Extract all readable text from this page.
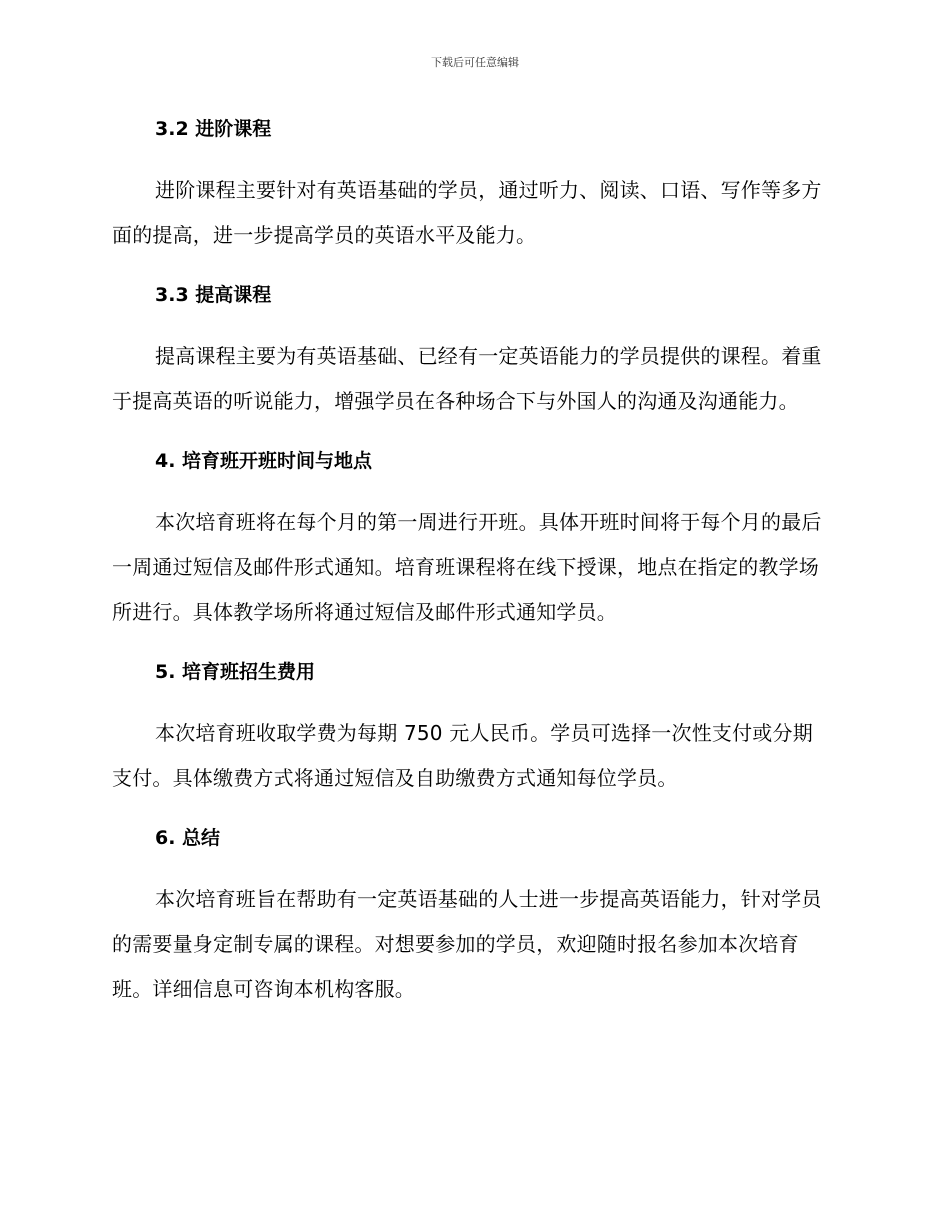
下载后可任意编辑
3.2 进阶课程

进阶课程主要针对有英语基础的学员，通过听力、阅读、口语、写作等多方面的提高，进一步提高学员的英语水平及能力。

3.3 提高课程

提高课程主要为有英语基础、已经有一定英语能力的学员提供的课程。着重于提高英语的听说能力，增强学员在各种场合下与外国人的沟通及沟通能力。

4. 培育班开班时间与地点

本次培育班将在每个月的第一周进行开班。具体开班时间将于每个月的最后一周通过短信及邮件形式通知。培育班课程将在线下授课，地点在指定的教学场所进行。具体教学场所将通过短信及邮件形式通知学员。

5. 培育班招生费用

本次培育班收取学费为每期 750 元人民币。学员可选择一次性支付或分期支付。具体缴费方式将通过短信及自助缴费方式通知每位学员。

6. 总结

本次培育班旨在帮助有一定英语基础的人士进一步提高英语能力，针对学员的需要量身定制专属的课程。对想要参加的学员，欢迎随时报名参加本次培育班。详细信息可咨询本机构客服。
